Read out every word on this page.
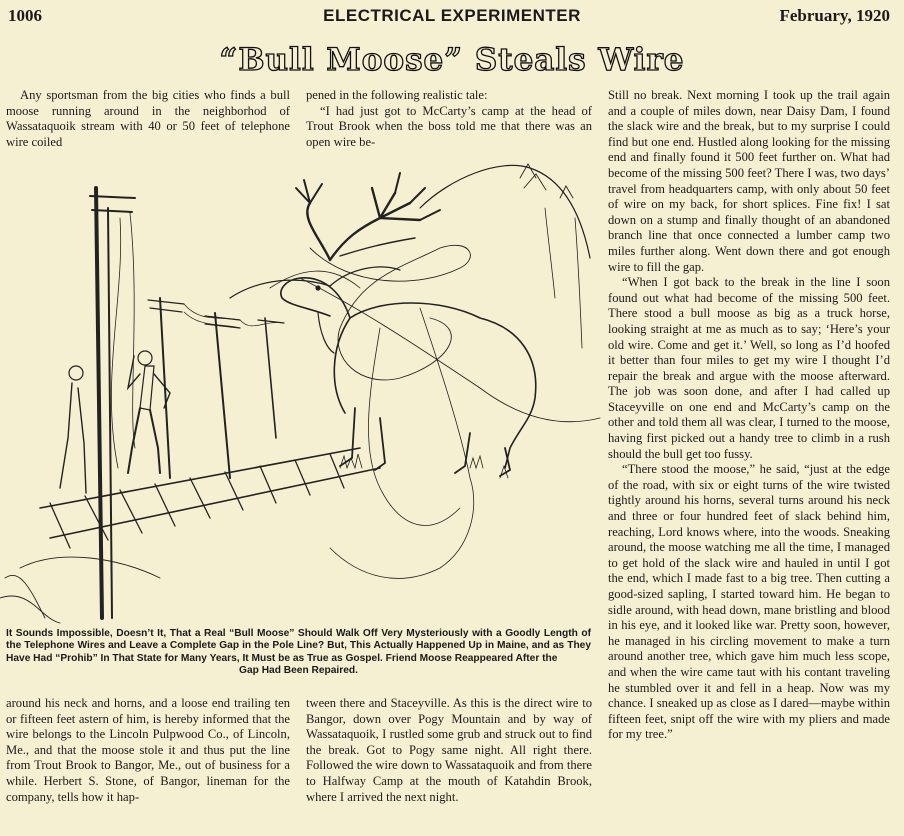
ELECTRICAL EXPERIMENTER
1006	February, 1920
“Bull Moose” Steals Wire

Any sportsman from the big cities who finds a bull moose running around in the neighborhod of Wassataquoik stream with 40 or 50 feet of telephone wire coiled

pened in the following realistic tale:

“I had just got to McCarty’s camp at the head of Trout Brook when the boss told me that there was an open wire be-

Still no break. Next morning I took up the trail again and a couple of miles down, near Daisy Dam, I found the slack wire and the break, but to my surprise I could find but one end. Hustled along looking for the missing end and finally found it 500 feet further on. What had become of the missing 500 feet? There I was, two days’ travel from headquarters camp, with only about 50 feet of wire on my back, for short splices. Fine fix! I sat down on a stump and finally thought of an abandoned branch line that once connected a lumber camp two miles further along. Went down there and got enough wire to fill the gap.

“When I got back to the break in the line I soon found out what had become of the missing 500 feet. There stood a bull moose as big as a truck horse, looking straight at me as much as to say; ‘Here’s your old wire. Come and get it.’ Well, so long as I’d hoofed it better than four miles to get my wire I thought I’d repair the break and argue with the moose afterward. The job was soon done, and after I had called up Staceyville on one end and McCarty’s camp on the other and told them all was clear, I turned to the moose, having first picked out a handy tree to climb in a rush should the bull get too fussy.

“There stood the moose,” he said, “just at the edge of the road, with six or eight turns of the wire twisted tightly around his horns, several turns around his neck and three or four hundred feet of slack behind him, reaching, Lord knows where, into the woods. Sneaking around, the moose watching me all the time, I managed to get hold of the slack wire and hauled in until I got the end, which I made fast to a big tree. Then cutting a good-sized sapling, I started toward him. He began to sidle around, with head down, mane bristling and blood in his eye, and it looked like war. Pretty soon, however, he managed in his circling movement to make a turn around another tree, which gave him much less scope, and when the wire came taut with his contant traveling he stumbled over it and fell in a heap. Now was my chance. I sneaked up as close as I dared—maybe within fifteen feet, snipt off the wire with my pliers and made for my tree.”

It Sounds Impossible, Doesn’t It, That a Real “Bull Moose” Should Walk Off Very Mysteriously with a Goodly Length of the Telephone Wires and Leave a Complete Gap in the Pole Line? But, This Actually Happened Up in Maine, and as They Have Had “Prohib” In That State for Many Years, It Must be as True as Gospel. Friend Moose Reappeared After the
Gap Had Been Repaired.

around his neck and horns, and a loose end trailing ten or fifteen feet astern of him, is hereby informed that the wire belongs to the Lincoln Pulpwood Co., of Lincoln, Me., and that the moose stole it and thus put the line from Trout Brook to Bangor, Me., out of business for a while. Herbert S. Stone, of Bangor, lineman for the company, tells how it hap-

tween there and Staceyville. As this is the direct wire to Bangor, down over Pogy Mountain and by way of Wassataquoik, I rustled some grub and struck out to find the break. Got to Pogy same night. All right there. Followed the wire down to Wassataquoik and from there to Halfway Camp at the mouth of Katahdin Brook, where I arrived the next night.
